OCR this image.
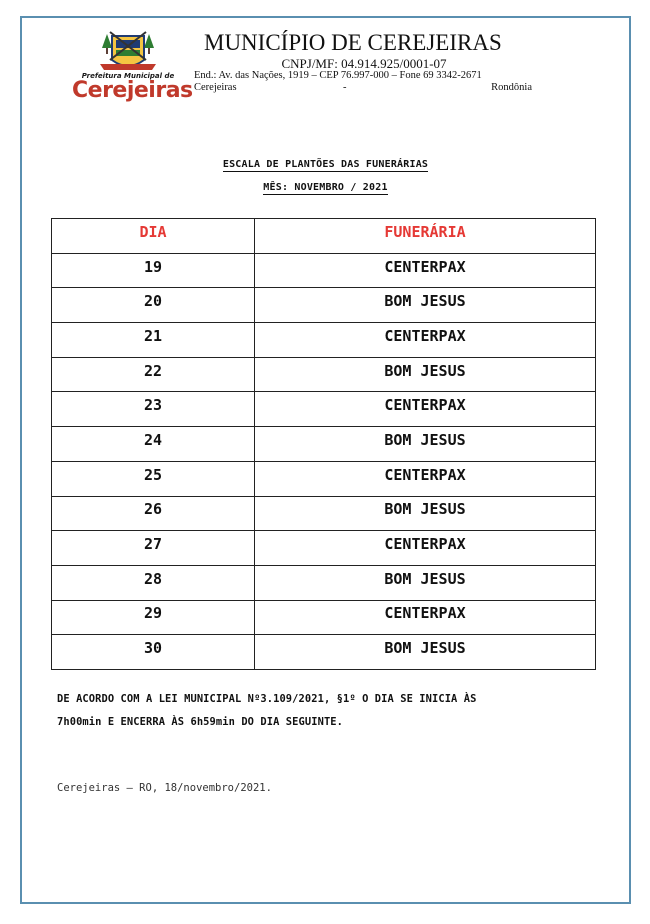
Prefeitura Municipal de
Cerejeiras
MUNICÍPIO DE CEREJEIRAS
CNPJ/MF: 04.914.925/0001-07
End.: Av. das Nações, 1919 – CEP 76.997-000 – Fone 69 3342-2671
Cerejeiras	-	Rondônia
ESCALA DE PLANTÕES DAS FUNERÁRIAS
MÊS: NOVEMBRO / 2021
DIA	FUNERÁRIA

19	CENTERPAX

20	BOM JESUS

21	CENTERPAX

22	BOM JESUS

23	CENTERPAX

24	BOM JESUS

25	CENTERPAX

26	BOM JESUS

27	CENTERPAX

28	BOM JESUS

29	CENTERPAX

30	BOM JESUS
DE ACORDO COM A LEI MUNICIPAL Nº3.109/2021, §1º O DIA SE INICIA ÀS
7h00min E ENCERRA ÀS 6h59min DO DIA SEGUINTE.
Cerejeiras – RO, 18/novembro/2021.
